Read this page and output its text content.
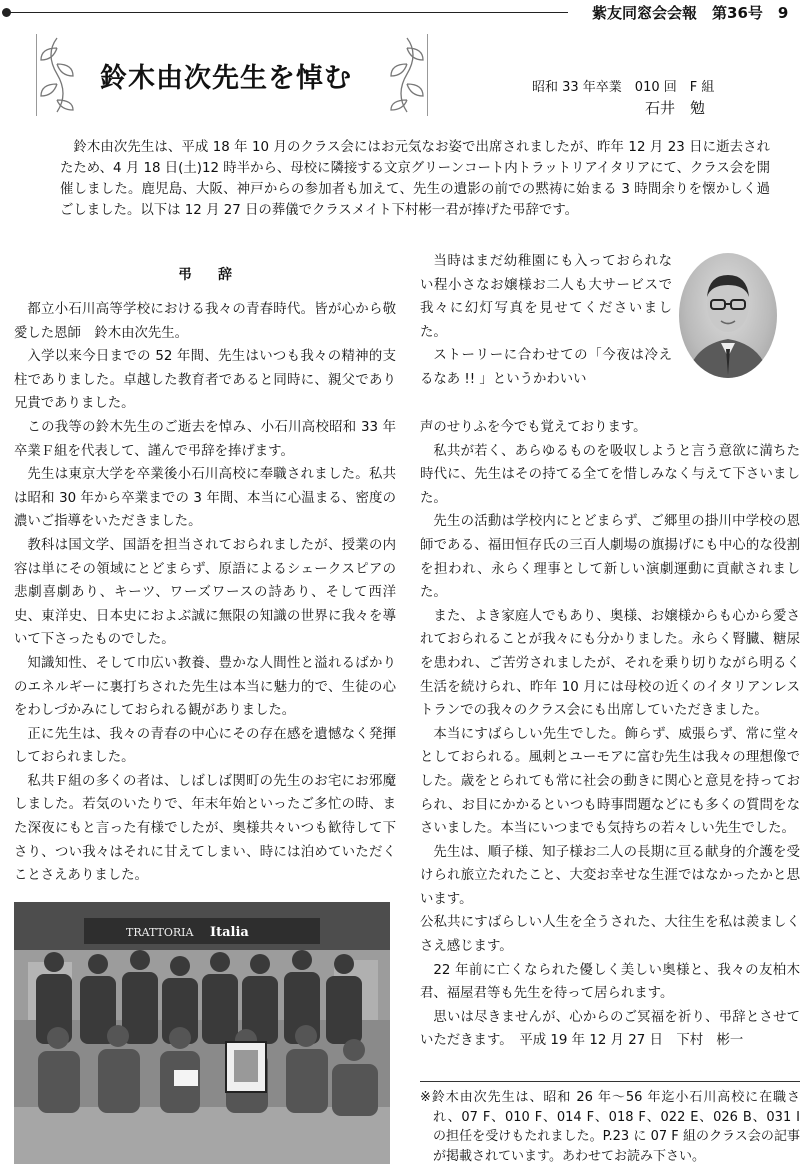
紫友同窓会会報　第36号　9
鈴木由次先生を悼む	昭和 33 年卒業　010 回　F 組
石井　勉

鈴木由次先生は、平成 18 年 10 月のクラス会にはお元気なお姿で出席されましたが、昨年 12 月 23 日に逝去されたため、4 月 18 日(土)12 時半から、母校に隣接する文京グリーンコート内トラットリアイタリアにて、クラス会を開催しました。鹿児島、大阪、神戸からの参加者も加えて、先生の遺影の前での黙祷に始まる 3 時間余りを懐かしく過ごしました。以下は 12 月 27 日の葬儀でクラスメイト下村彬一君が捧げた弔辞です。

弔　辞

都立小石川高等学校における我々の青春時代。皆が心から敬愛した恩師　鈴木由次先生。

入学以来今日までの 52 年間、先生はいつも我々の精神的支柱でありました。卓越した教育者であると同時に、親父であり兄貴でありました。

この我等の鈴木先生のご逝去を悼み、小石川高校昭和 33 年卒業Ｆ組を代表して、謹んで弔辞を捧げます。

先生は東京大学を卒業後小石川高校に奉職されました。私共は昭和 30 年から卒業までの 3 年間、本当に心温まる、密度の濃いご指導をいただきました。

教科は国文学、国語を担当されておられましたが、授業の内容は単にその領域にとどまらず、原語によるシェークスピアの悲劇喜劇あり、キーツ、ワーズワースの詩あり、そして西洋史、東洋史、日本史におよぶ誠に無限の知識の世界に我々を導いて下さったものでした。

知識知性、そして巾広い教養、豊かな人間性と溢れるばかりのエネルギーに裏打ちされた先生は本当に魅力的で、生徒の心をわしづかみにしておられる観がありました。

正に先生は、我々の青春の中心にその存在感を遺憾なく発揮しておられました。

私共Ｆ組の多くの者は、しばしば関町の先生のお宅にお邪魔しました。若気のいたりで、年末年始といったご多忙の時、また深夜にもと言った有様でしたが、奥様共々いつも歓待して下さり、つい我々はそれに甘えてしまい、時には泊めていただくことさえありました。

当時はまだ幼稚園にも入っておられない程小さなお嬢様お二人も大サービスで我々に幻灯写真を見せてくださいました。

ストーリーに合わせての「今夜は冷えるなあ !! 」というかわいい

声のせりふを今でも覚えております。

私共が若く、あらゆるものを吸収しようと言う意欲に満ちた時代に、先生はその持てる全てを惜しみなく与えて下さいました。

先生の活動は学校内にとどまらず、ご郷里の掛川中学校の恩師である、福田恒存氏の三百人劇場の旗揚げにも中心的な役割を担われ、永らく理事として新しい演劇運動に貢献されました。

また、よき家庭人でもあり、奥様、お嬢様からも心から愛されておられることが我々にも分かりました。永らく腎臓、糖尿を患われ、ご苦労されましたが、それを乗り切りながら明るく生活を続けられ、昨年 10 月には母校の近くのイタリアンレストランでの我々のクラス会にも出席していただきました。

本当にすばらしい先生でした。飾らず、威張らず、常に堂々としておられる。風刺とユーモアに富む先生は我々の理想像でした。歳をとられても常に社会の動きに関心と意見を持っておられ、お目にかかるといつも時事問題などにも多くの質問をなさいました。本当にいつまでも気持ちの若々しい先生でした。

先生は、順子様、知子様お二人の長期に亘る献身的介護を受けられ旅立たれたこと、大変お幸せな生涯ではなかったかと思います。

公私共にすばらしい人生を全うされた、大往生を私は羨ましくさえ感じます。

22 年前に亡くなられた優しく美しい奥様と、我々の友柏木君、福屋君等も先生を待って居られます。

思いは尽きませんが、心からのご冥福を祈り、弔辞とさせていただきます。　平成 19 年 12 月 27 日　下村　彬一

TRATTORIA Italia

※鈴木由次先生は、昭和 26 年～56 年迄小石川高校に在職され、07 F、010 F、014 F、018 F、022 E、026 B、031 I の担任を受けもたれました。P.23 に 07 F 組のクラス会の記事が掲載されています。あわせてお読み下さい。
